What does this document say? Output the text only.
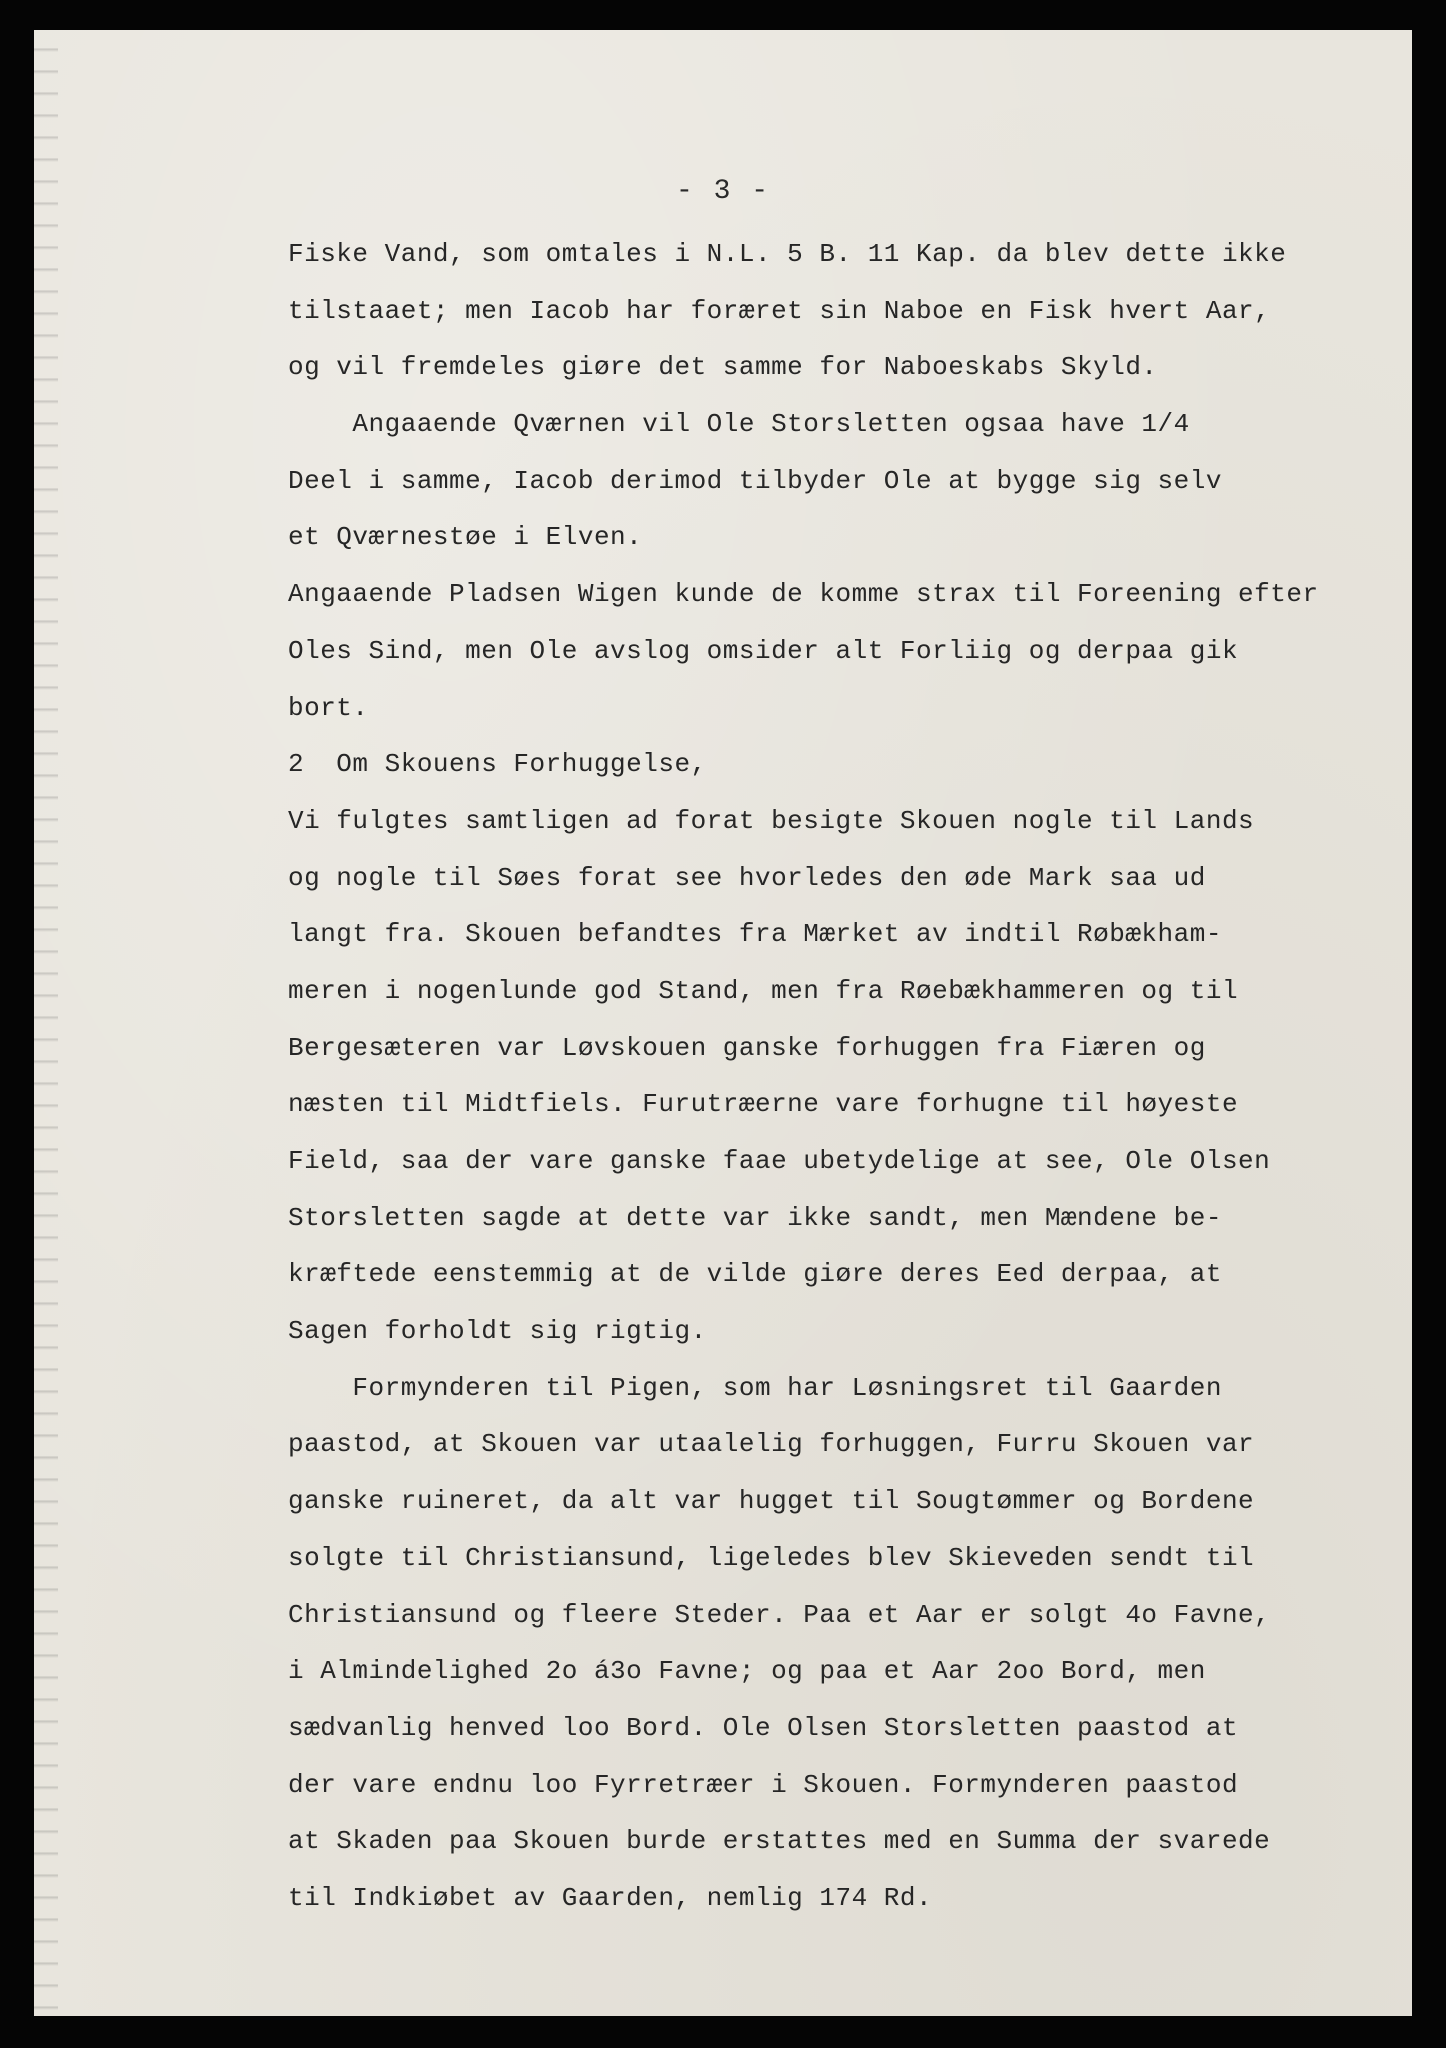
- 3 -
Fiske Vand, som omtales i N.L. 5 B. 11 Kap. da blev dette ikke
tilstaaet; men Iacob har foræret sin Naboe en Fisk hvert Aar,
og vil fremdeles giøre det samme for Naboeskabs Skyld.
Angaaende Qværnen vil Ole Storsletten ogsaa have 1/4
Deel i samme, Iacob derimod tilbyder Ole at bygge sig selv
et Qværnestøe i Elven.
Angaaende Pladsen Wigen kunde de komme strax til Foreening efter
Oles Sind, men Ole avslog omsider alt Forliig og derpaa gik
bort.
2  Om Skouens Forhuggelse,
Vi fulgtes samtligen ad forat besigte Skouen nogle til Lands
og nogle til Søes forat see hvorledes den øde Mark saa ud
langt fra. Skouen befandtes fra Mærket av indtil Røbækham-
meren i nogenlunde god Stand, men fra Røebækhammeren og til
Bergesæteren var Løvskouen ganske forhuggen fra Fiæren og
næsten til Midtfiels. Furutræerne vare forhugne til høyeste
Field, saa der vare ganske faae ubetydelige at see, Ole Olsen
Storsletten sagde at dette var ikke sandt, men Mændene be-
kræftede eenstemmig at de vilde giøre deres Eed derpaa, at
Sagen forholdt sig rigtig.
Formynderen til Pigen, som har Løsningsret til Gaarden
paastod, at Skouen var utaalelig forhuggen, Furru Skouen var
ganske ruineret, da alt var hugget til Sougtømmer og Bordene
solgte til Christiansund, ligeledes blev Skieveden sendt til
Christiansund og fleere Steder. Paa et Aar er solgt 4o Favne,
i Almindelighed 2o á3o Favne; og paa et Aar 2oo Bord, men
sædvanlig henved loo Bord. Ole Olsen Storsletten paastod at
der vare endnu loo Fyrretræer i Skouen. Formynderen paastod
at Skaden paa Skouen burde erstattes med en Summa der svarede
til Indkiøbet av Gaarden, nemlig 174 Rd.
